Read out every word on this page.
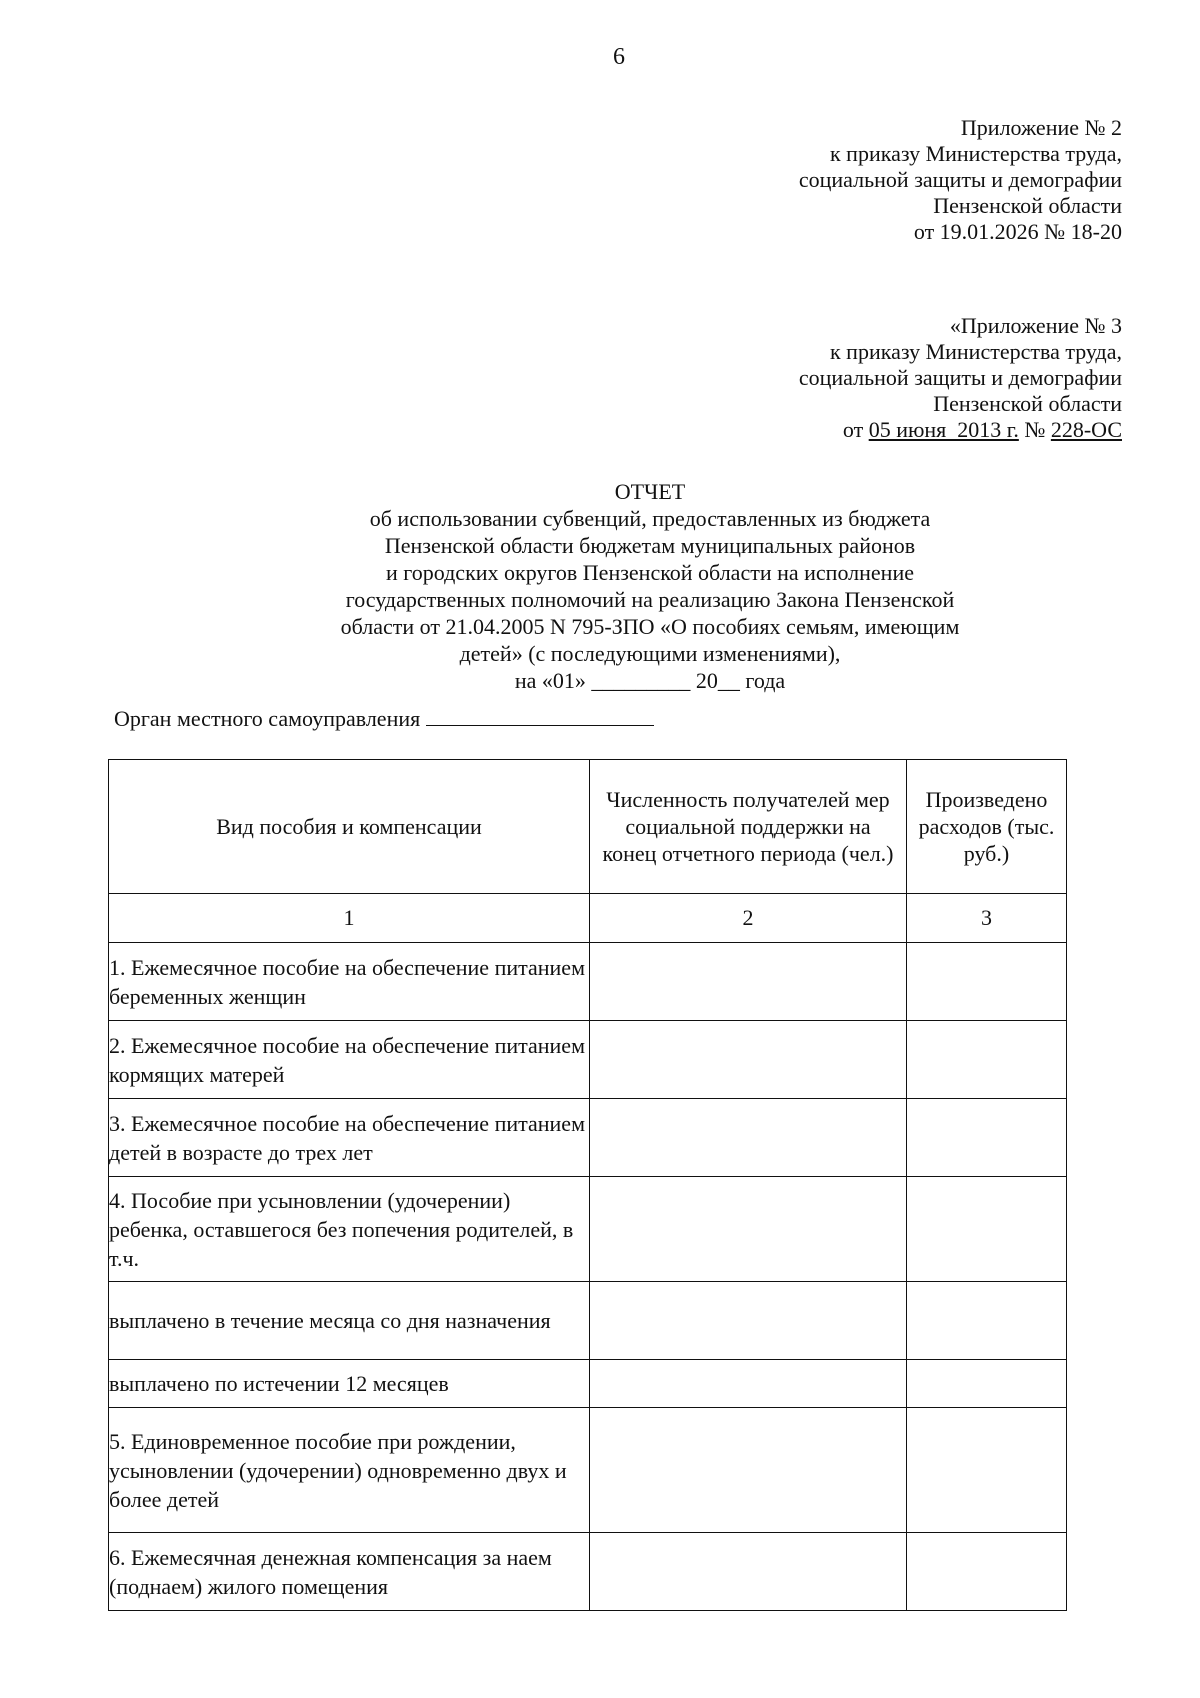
6
Приложение № 2
к приказу Министерства труда,
социальной защиты и демографии
Пензенской области
от 19.01.2026 № 18-20
«Приложение № 3
к приказу Министерства труда,
социальной защиты и демографии
Пензенской области
от 05 июня  2013 г. № 228-ОС
ОТЧЕТ
об использовании субвенций, предоставленных из бюджета
Пензенской области бюджетам муниципальных районов
и городских округов Пензенской области на исполнение
государственных полномочий на реализацию Закона Пензенской
области от 21.04.2005 N 795-ЗПО «О пособиях семьям, имеющим
детей» (с последующими изменениями),
на «01» _________ 20__ года
Орган местного самоуправления
Вид пособия и компенсации	Численность получателей мер социальной поддержки на конец отчетного периода (чел.)	Произведено расходов (тыс. руб.)
1	2	3
1. Ежемесячное пособие на обеспечение питанием беременных женщин		
2. Ежемесячное пособие на обеспечение питанием кормящих матерей		
3. Ежемесячное пособие на обеспечение питанием детей в возрасте до трех лет		
4. Пособие при усыновлении (удочерении) ребенка, оставшегося без попечения родителей, в т.ч.		
выплачено в течение месяца со дня назначения		
выплачено по истечении 12 месяцев		
5. Единовременное пособие при рождении, усыновлении (удочерении) одновременно двух и более детей		
6. Ежемесячная денежная компенсация за наем (поднаем) жилого помещения		
